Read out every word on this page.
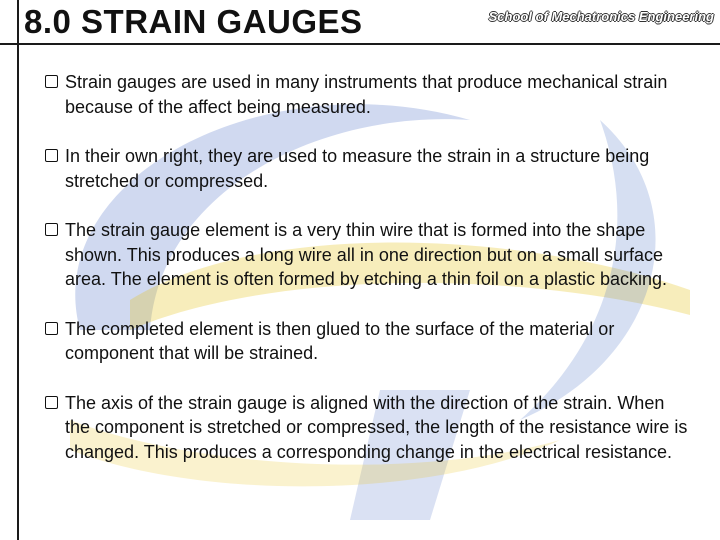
8.0 STRAIN GAUGES	School of Mechatronics Engineering
Strain gauges are used in many instruments that produce mechanical strain because of the affect being measured.
In their own right, they are used to measure the strain in a structure being stretched or compressed.
The strain gauge element is a very thin wire that is formed into the shape shown. This produces a long wire all in one direction but on a small surface area. The element is often formed by etching a thin foil on a plastic backing.
The completed element is then glued to the surface of the material or component that will be strained.
The axis of the strain gauge is aligned with the direction of the strain. When the component is stretched or compressed, the length of the resistance wire is changed. This produces a corresponding change in the electrical resistance.
